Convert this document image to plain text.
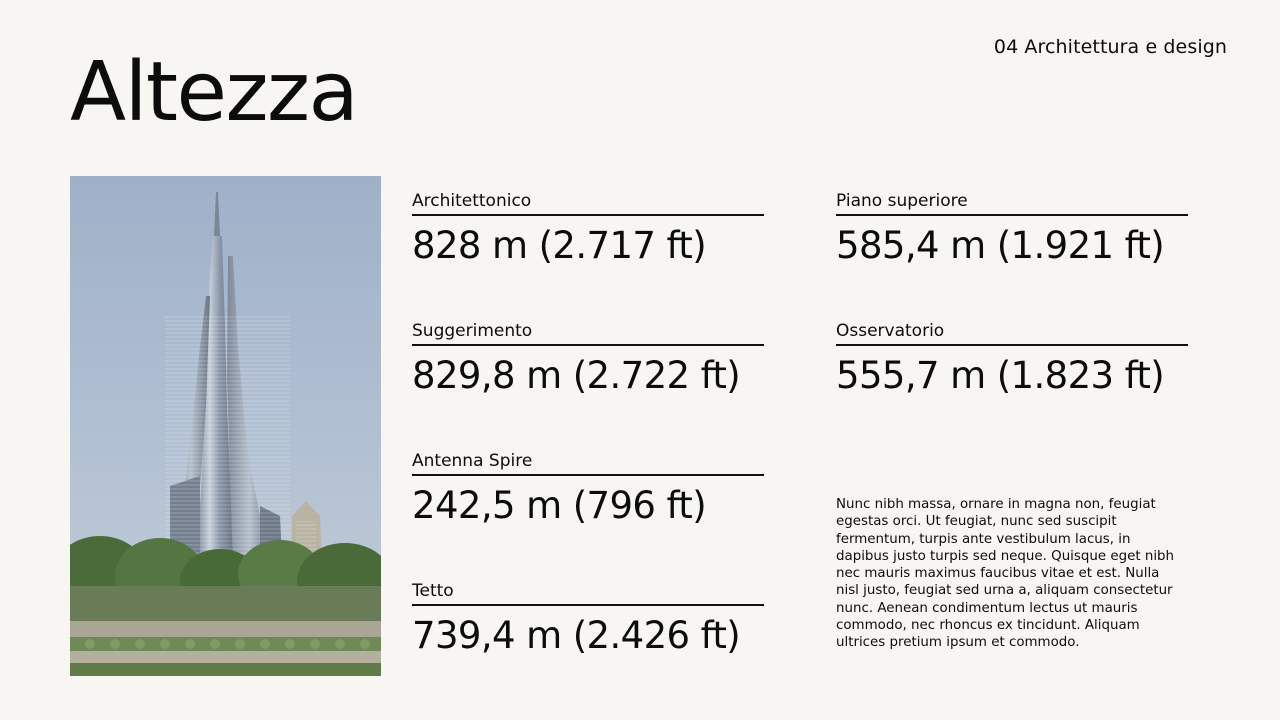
04 Architettura e design
Altezza
Architettonico
828 m (2.717 ft)
Suggerimento
829,8 m (2.722 ft)
Antenna Spire
242,5 m (796 ft)
Tetto
739,4 m (2.426 ft)
Piano superiore
585,4 m (1.921 ft)
Osservatorio
555,7 m (1.823 ft)

Nunc nibh massa, ornare in magna non, feugiat egestas orci. Ut feugiat, nunc sed suscipit fermentum, turpis ante vestibulum lacus, in dapibus justo turpis sed neque. Quisque eget nibh nec mauris maximus faucibus vitae et est. Nulla nisl justo, feugiat sed urna a, aliquam consectetur nunc. Aenean condimentum lectus ut mauris commodo, nec rhoncus ex tincidunt. Aliquam ultrices pretium ipsum et commodo.
